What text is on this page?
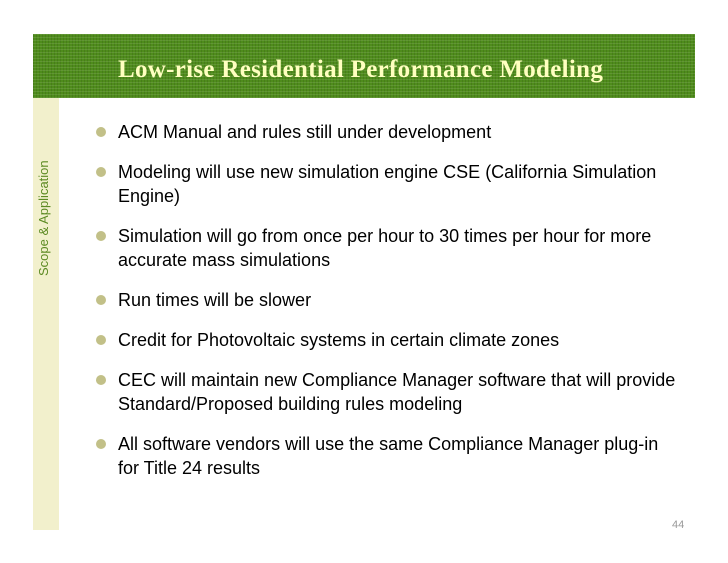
Low-rise Residential Performance Modeling
Scope & Application
ACM Manual and rules still under development
Modeling will use new simulation engine CSE (California Simulation Engine)
Simulation will go from once per hour to 30 times per hour for more accurate mass simulations
Run times will be slower
Credit for Photovoltaic systems in certain climate zones
CEC will maintain new Compliance Manager software that will provide Standard/Proposed building rules modeling
All software vendors will use the same Compliance Manager plug-in for Title 24 results
44
